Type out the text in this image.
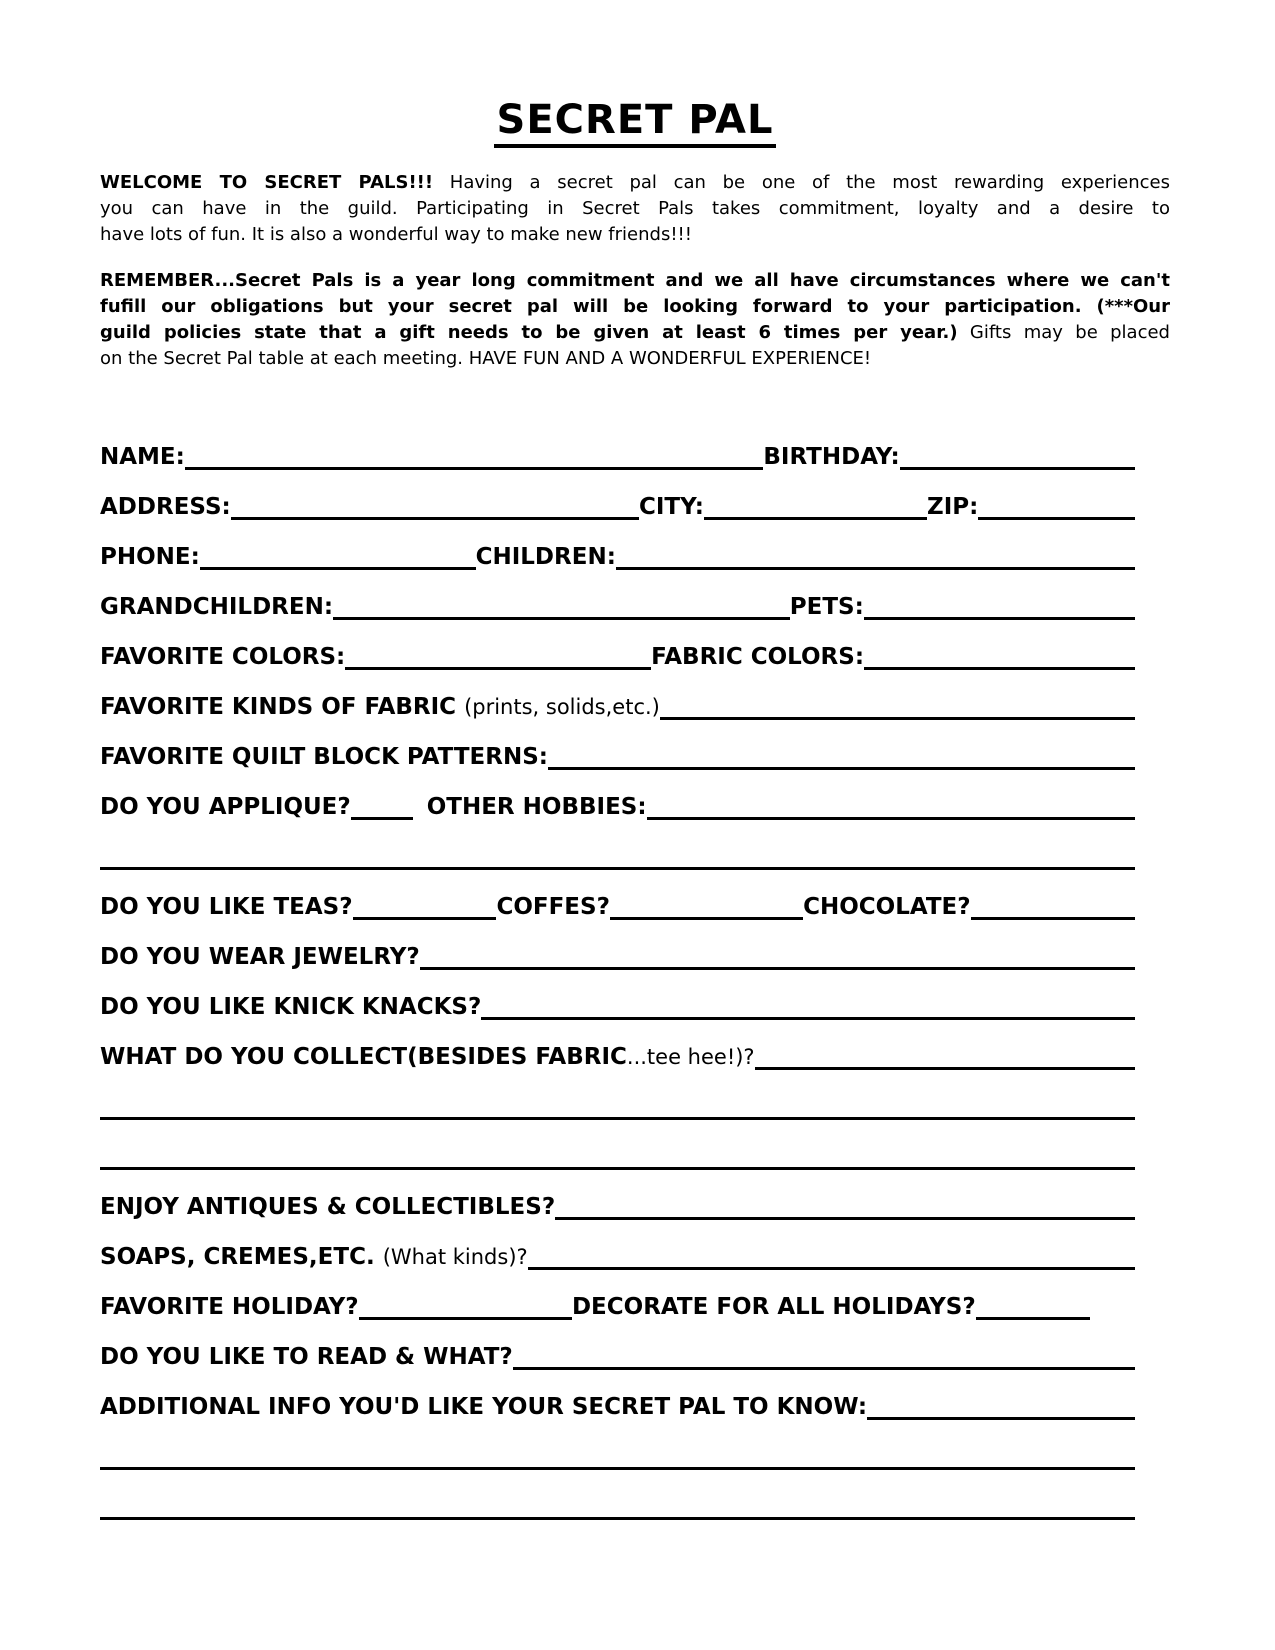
SECRET PAL

WELCOME TO SECRET PALS!!! Having a secret pal can be one of the most rewarding experiences
you can have in the guild. Participating in Secret Pals takes commitment, loyalty and a desire to
have lots of fun. It is also a wonderful way to make new friends!!!

REMEMBER...Secret Pals is a year long commitment and we all have circumstances where we can't
fufill our obligations but your secret pal will be looking forward to your participation. (***Our
guild policies state that a gift needs to be given at least 6 times per year.) Gifts may be placed
on the Secret Pal table at each meeting. HAVE FUN AND A WONDERFUL EXPERIENCE!

NAME:	BIRTHDAY:
ADDRESS:	CITY:	ZIP:
PHONE:	CHILDREN:
GRANDCHILDREN:	PETS:
FAVORITE COLORS:	FABRIC COLORS:
FAVORITE KINDS OF FABRIC (prints, solids,etc.)
FAVORITE QUILT BLOCK PATTERNS:
DO YOU APPLIQUE?	OTHER HOBBIES:
DO YOU LIKE TEAS?	COFFES?	CHOCOLATE?
DO YOU WEAR JEWELRY?
DO YOU LIKE KNICK KNACKS?
WHAT DO YOU COLLECT(BESIDES FABRIC...tee hee!)?
ENJOY ANTIQUES & COLLECTIBLES?
SOAPS, CREMES,ETC. (What kinds)?
FAVORITE HOLIDAY?	DECORATE FOR ALL HOLIDAYS?
DO YOU LIKE TO READ & WHAT?
ADDITIONAL INFO YOU'D LIKE YOUR SECRET PAL TO KNOW:
